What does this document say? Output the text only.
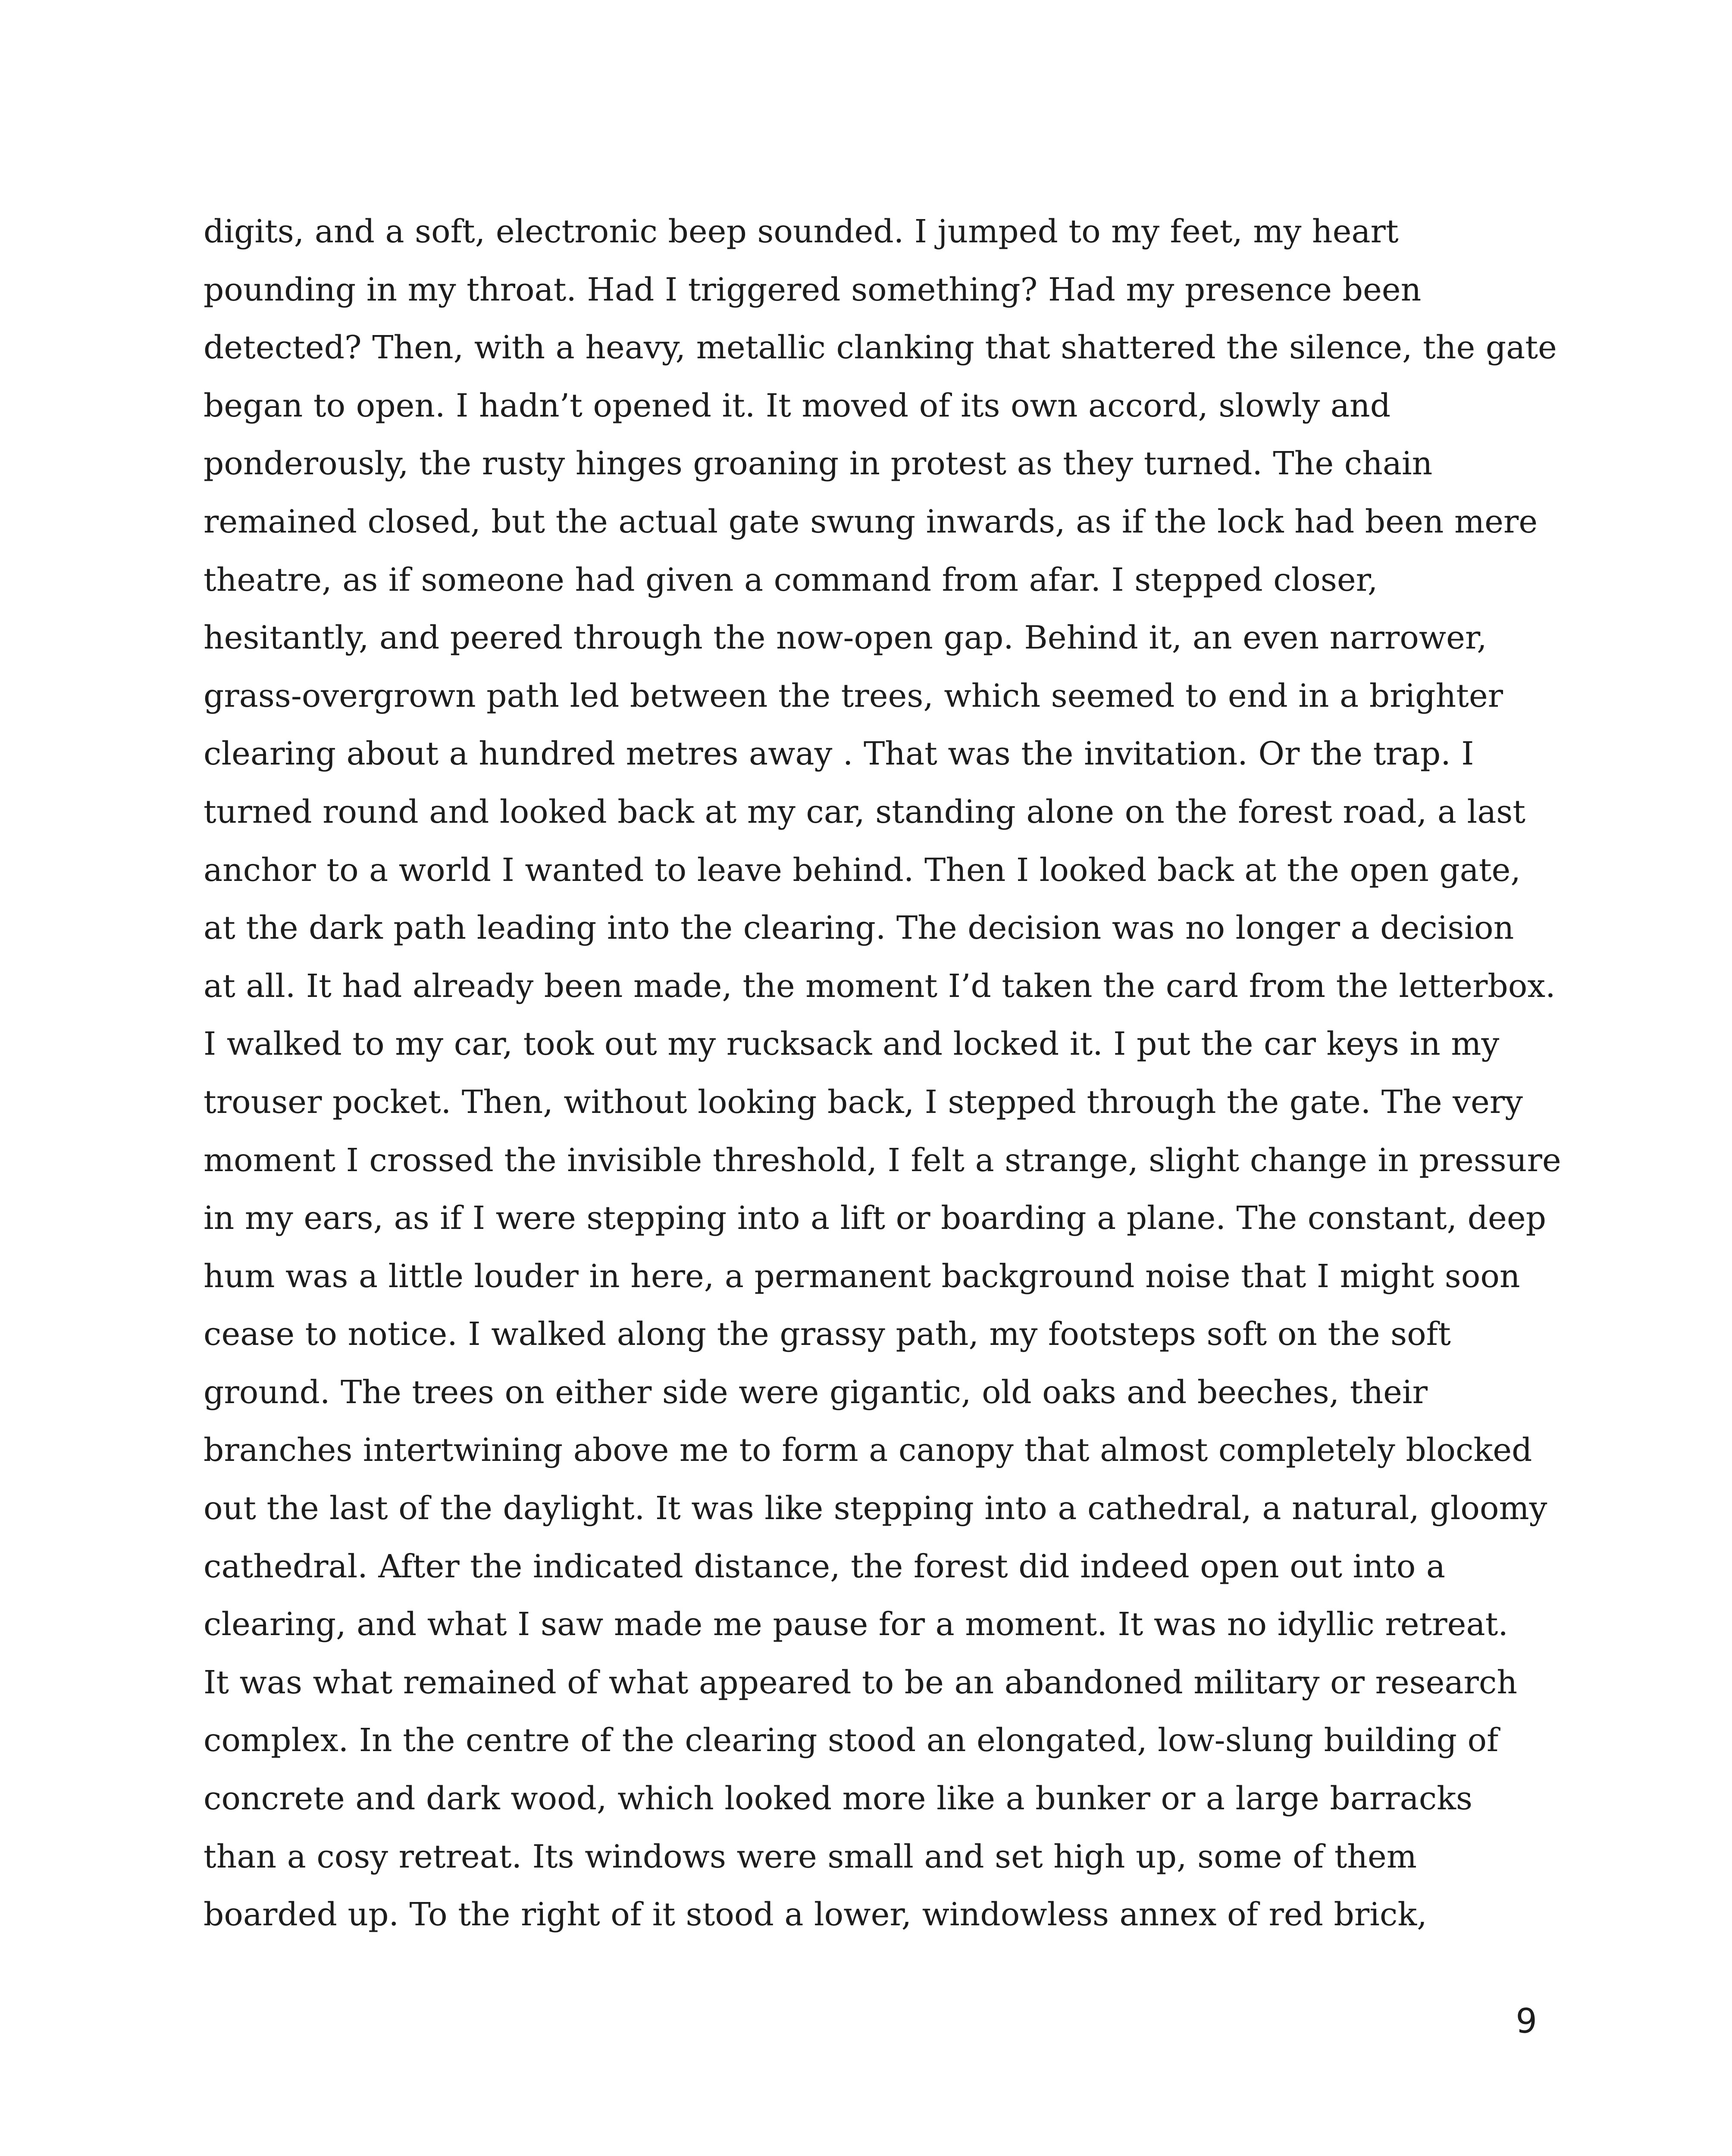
digits, and a soft, electronic beep sounded. I jumped to my feet, my heart
pounding in my throat. Had I triggered something? Had my presence been
detected? Then, with a heavy, metallic clanking that shattered the silence, the gate
began to open. I hadn’t opened it. It moved of its own accord, slowly and
ponderously, the rusty hinges groaning in protest as they turned. The chain
remained closed, but the actual gate swung inwards, as if the lock had been mere
theatre, as if someone had given a command from afar. I stepped closer,
hesitantly, and peered through the now-open gap. Behind it, an even narrower,
grass-overgrown path led between the trees, which seemed to end in a brighter
clearing about a hundred metres away . That was the invitation. Or the trap. I
turned round and looked back at my car, standing alone on the forest road, a last
anchor to a world I wanted to leave behind. Then I looked back at the open gate,
at the dark path leading into the clearing. The decision was no longer a decision
at all. It had already been made, the moment I’d taken the card from the letterbox.
I walked to my car, took out my rucksack and locked it. I put the car keys in my
trouser pocket. Then, without looking back, I stepped through the gate. The very
moment I crossed the invisible threshold, I felt a strange, slight change in pressure
in my ears, as if I were stepping into a lift or boarding a plane. The constant, deep
hum was a little louder in here, a permanent background noise that I might soon
cease to notice. I walked along the grassy path, my footsteps soft on the soft
ground. The trees on either side were gigantic, old oaks and beeches, their
branches intertwining above me to form a canopy that almost completely blocked
out the last of the daylight. It was like stepping into a cathedral, a natural, gloomy
cathedral. After the indicated distance, the forest did indeed open out into a
clearing, and what I saw made me pause for a moment. It was no idyllic retreat.
It was what remained of what appeared to be an abandoned military or research
complex. In the centre of the clearing stood an elongated, low-slung building of
concrete and dark wood, which looked more like a bunker or a large barracks
than a cosy retreat. Its windows were small and set high up, some of them
boarded up. To the right of it stood a lower, windowless annex of red brick,
9
